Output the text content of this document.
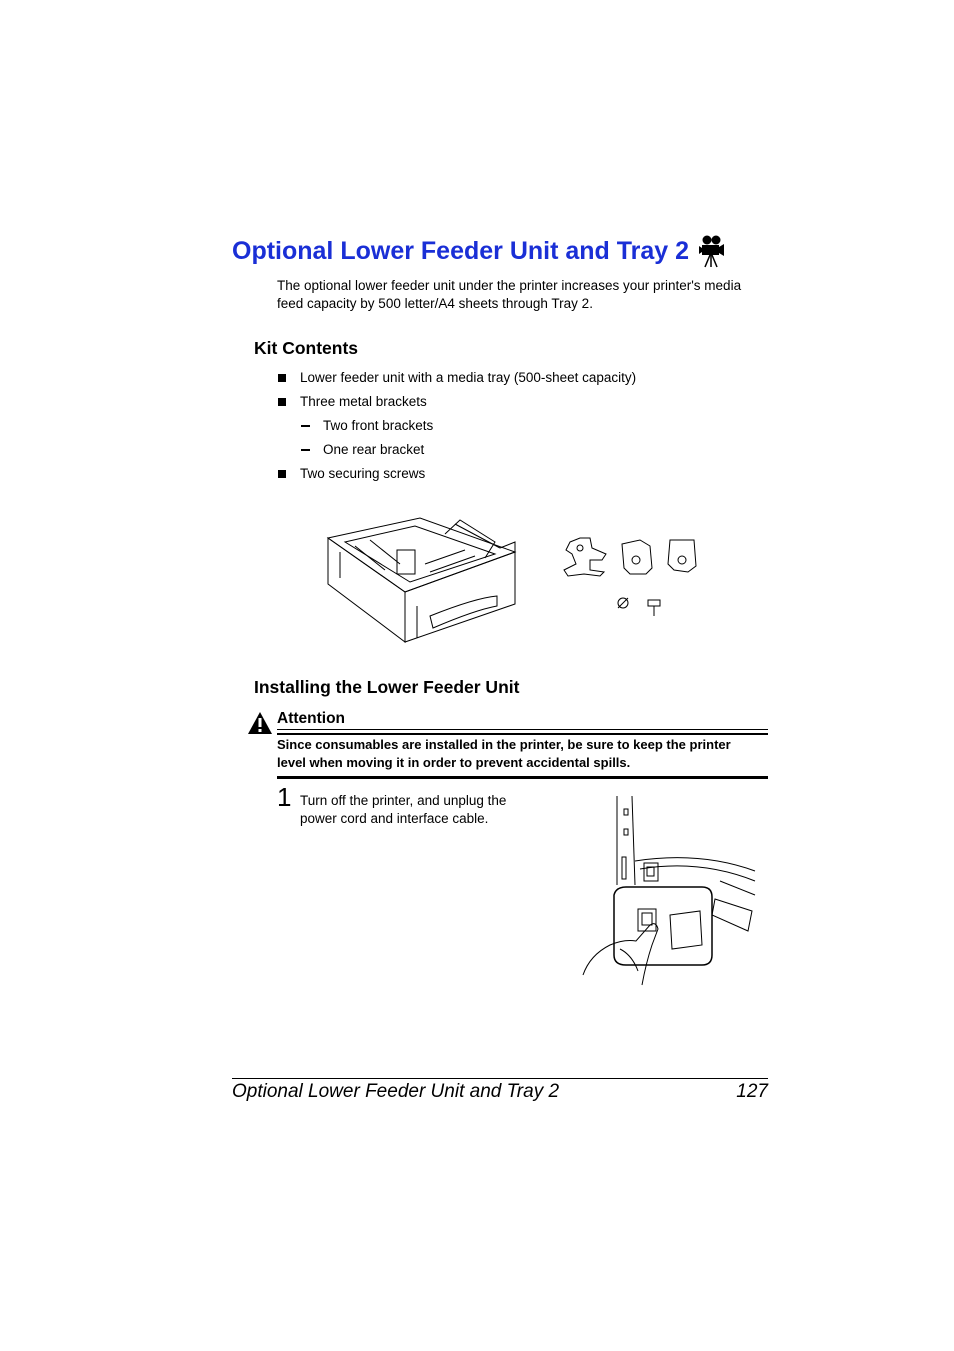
Optional Lower Feeder Unit and Tray 2
The optional lower feeder unit under the printer increases your printer's media feed capacity by 500 letter/A4 sheets through Tray 2.
Kit Contents
Lower feeder unit with a media tray (500-sheet capacity)
Three metal brackets
Two front brackets
One rear bracket
Two securing screws
Installing the Lower Feeder Unit
Attention
Since consumables are installed in the printer, be sure to keep the printer level when moving it in order to prevent accidental spills.
1 Turn off the printer, and unplug the power cord and interface cable.
Optional Lower Feeder Unit and Tray 2	127
